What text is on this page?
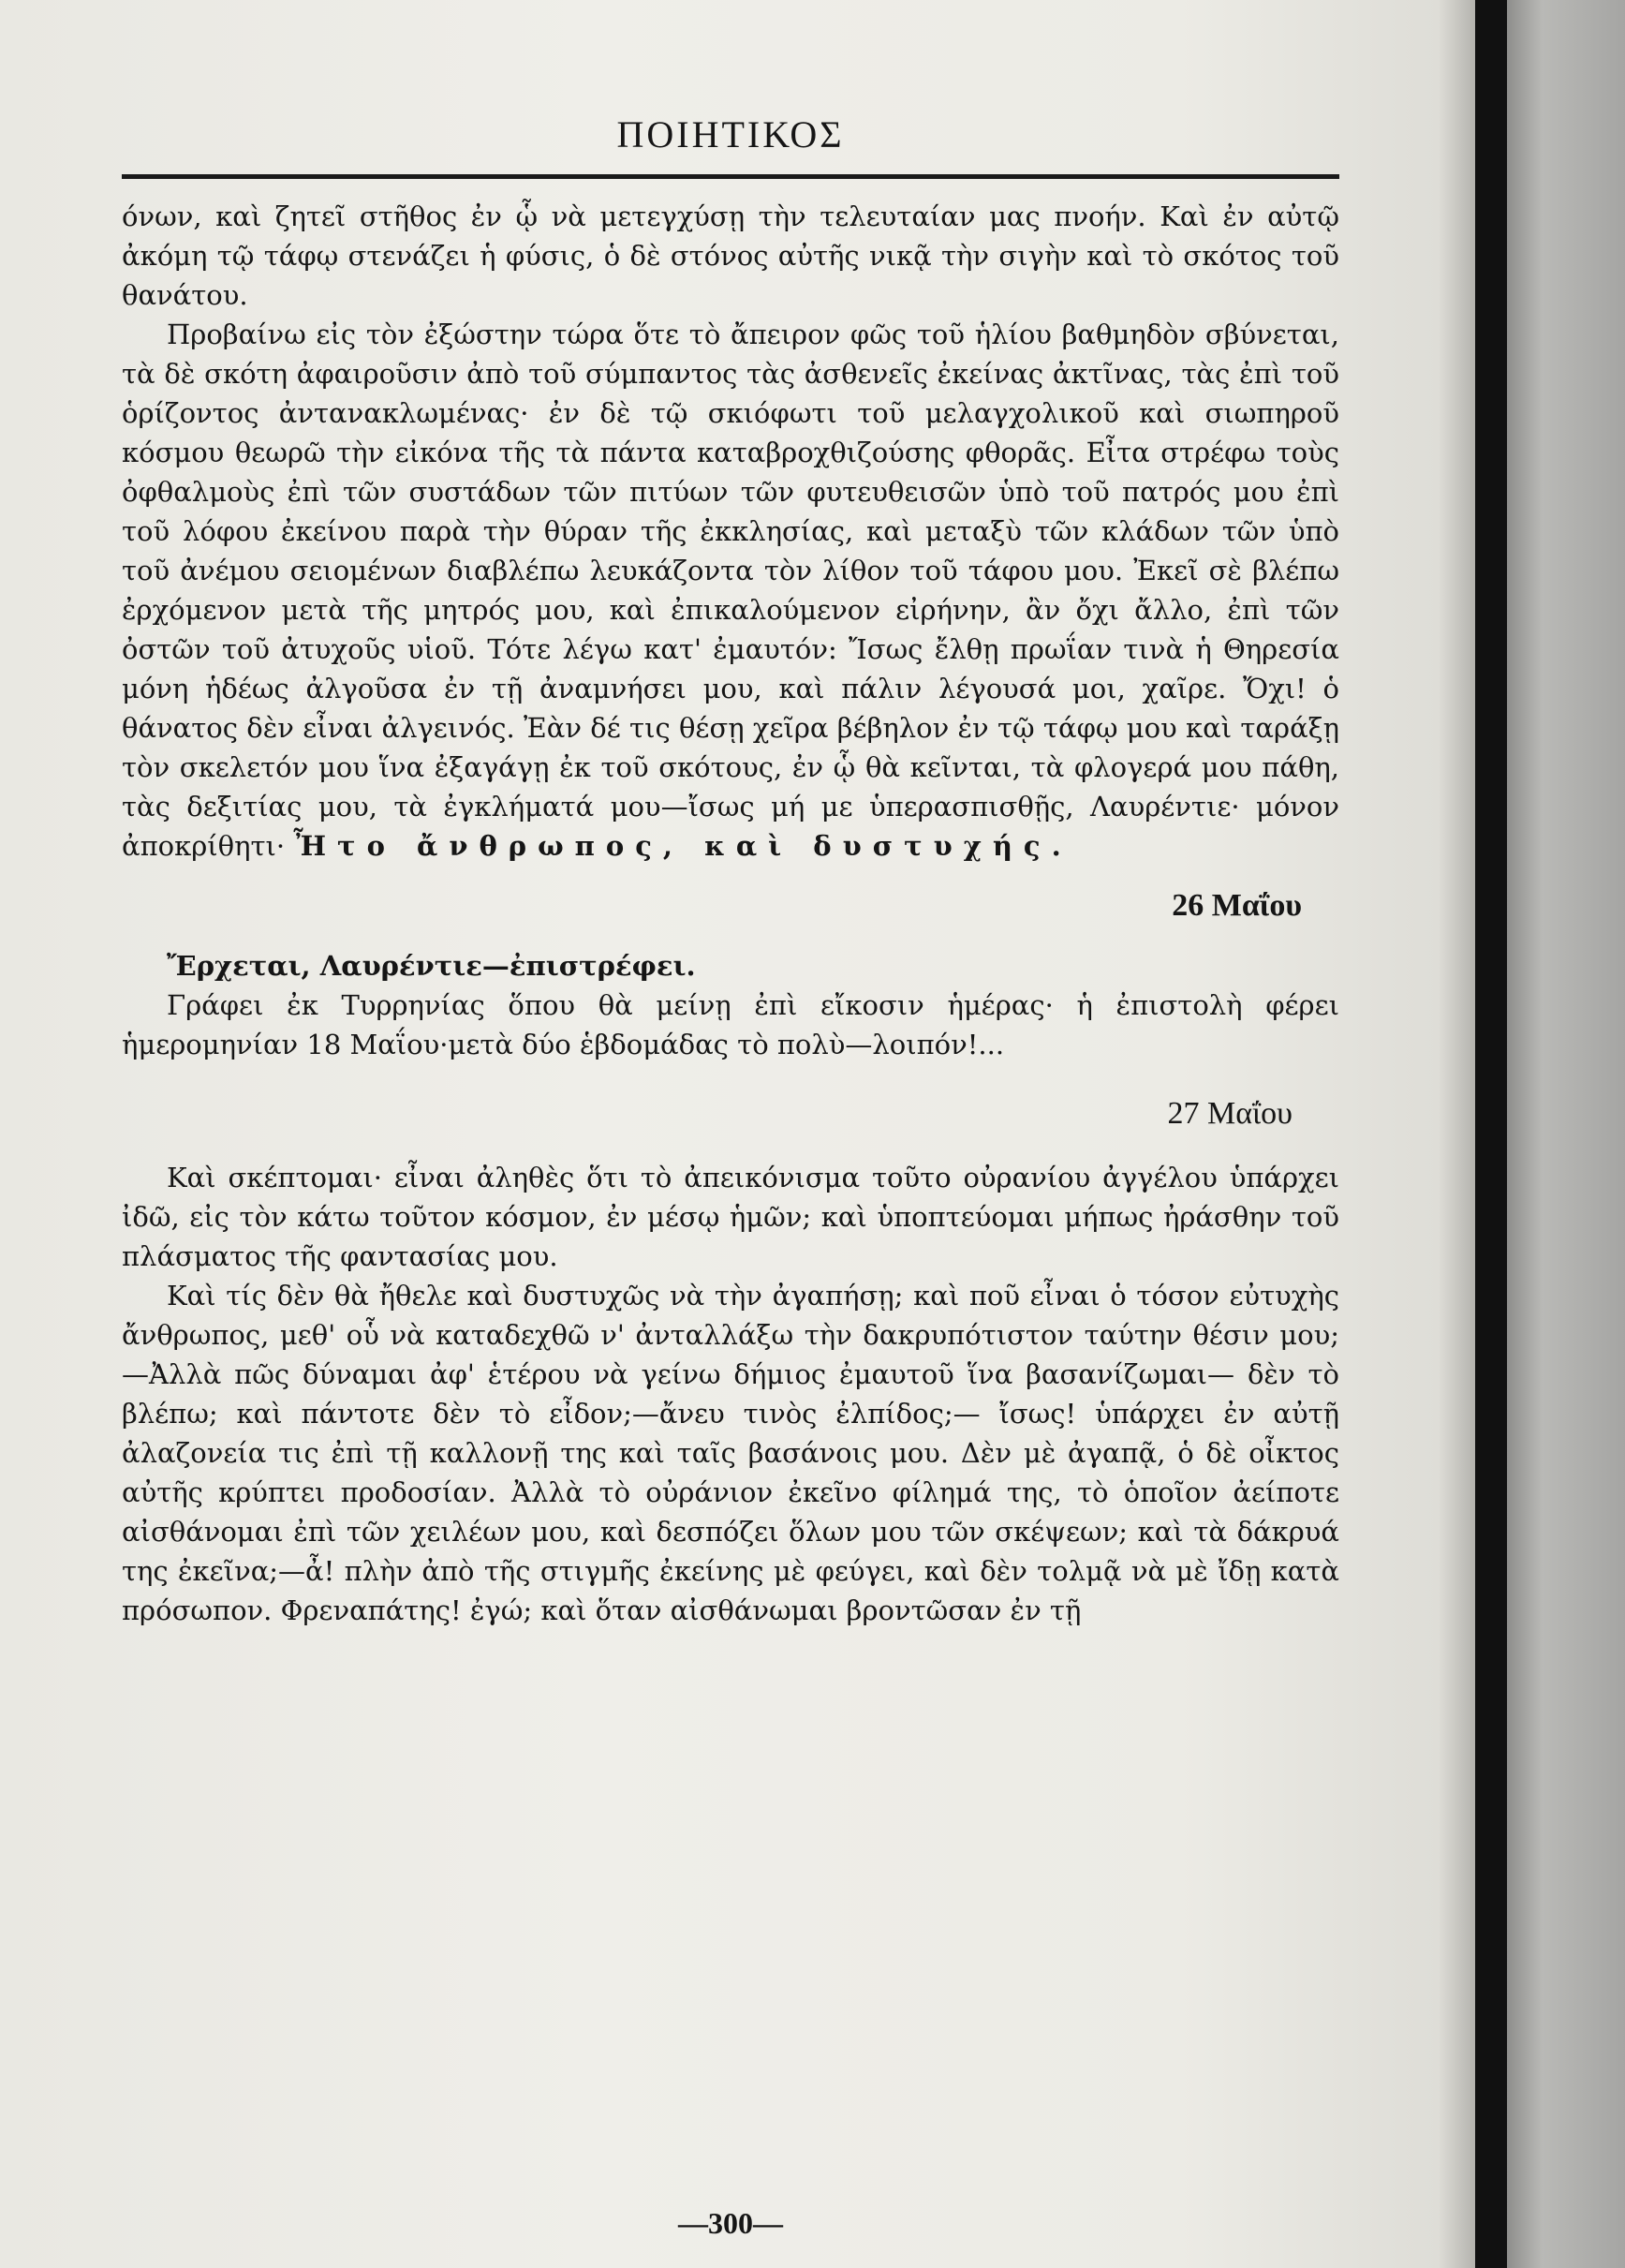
ΠΟΙΗΤΙΚΟΣ

όνων, καὶ ζητεῖ στῆθος ἐν ᾧ νὰ μετεγχύσῃ τὴν τελευταίαν μας πνοήν. Καὶ ἐν αὐτῷ ἀκόμη τῷ τάφῳ στενάζει ἡ φύσις, ὁ δὲ στόνος αὐτῆς νικᾷ τὴν σιγὴν καὶ τὸ σκότος τοῦ θανάτου.

Προβαίνω εἰς τὸν ἐξώστην τώρα ὅτε τὸ ἄπειρον φῶς τοῦ ἡλίου βαθμηδὸν σβύνεται, τὰ δὲ σκότη ἀφαιροῦσιν ἀπὸ τοῦ σύμπαντος τὰς ἀσθενεῖς ἐκείνας ἀκτῖνας, τὰς ἐπὶ τοῦ ὁρίζοντος ἀντανακλωμένας· ἐν δὲ τῷ σκιόφωτι τοῦ μελαγχολικοῦ καὶ σιωπηροῦ κόσμου θεωρῶ τὴν εἰκόνα τῆς τὰ πάντα καταβροχθιζούσης φθορᾶς. Εἶτα στρέφω τοὺς ὀφθαλμοὺς ἐπὶ τῶν συστάδων τῶν πιτύων τῶν φυτευθεισῶν ὑπὸ τοῦ πατρός μου ἐπὶ τοῦ λόφου ἐκείνου παρὰ τὴν θύραν τῆς ἐκκλησίας, καὶ μεταξὺ τῶν κλάδων τῶν ὑπὸ τοῦ ἀνέμου σειομένων διαβλέπω λευκάζοντα τὸν λίθον τοῦ τάφου μου. Ἐκεῖ σὲ βλέπω ἐρχόμενον μετὰ τῆς μητρός μου, καὶ ἐπικαλούμενον εἰρήνην, ἂν ὄχι ἄλλο, ἐπὶ τῶν ὀστῶν τοῦ ἀτυχοῦς υἱοῦ. Τότε λέγω κατ' ἐμαυτόν: Ἴσως ἔλθῃ πρωΐαν τινὰ ἡ Θηρεσία μόνη ἡδέως ἀλγοῦσα ἐν τῇ ἀναμνήσει μου, καὶ πάλιν λέγουσά μοι, χαῖρε. Ὄχι! ὁ θάνατος δὲν εἶναι ἀλγεινός. Ἐὰν δέ τις θέσῃ χεῖρα βέβηλον ἐν τῷ τάφῳ μου καὶ ταράξῃ τὸν σκελετόν μου ἵνα ἐξαγάγῃ ἐκ τοῦ σκότους, ἐν ᾧ θὰ κεῖνται, τὰ φλογερά μου πάθη, τὰς δεξιτίας μου, τὰ ἐγκλήματά μου—ἴσως μή με ὑπερασπισθῇς, Λαυρέντιε· μόνον ἀποκρίθητι· Ἦτο ἄνθρωπος, καὶ δυστυχής.

26 Μαΐου

Ἔρχεται, Λαυρέντιε—ἐπιστρέφει.

Γράφει ἐκ Τυρρηνίας ὅπου θὰ μείνῃ ἐπὶ εἴκοσιν ἡμέρας· ἡ ἐπιστολὴ φέρει ἡμερομηνίαν 18 Μαΐου·μετὰ δύο ἑβδομάδας τὸ πολὺ—λοιπόν!...

27 Μαΐου

Καὶ σκέπτομαι· εἶναι ἀληθὲς ὅτι τὸ ἀπεικόνισμα τοῦτο οὐρανίου ἀγγέλου ὑπάρχει ἰδῶ, εἰς τὸν κάτω τοῦτον κόσμον, ἐν μέσῳ ἡμῶν; καὶ ὑποπτεύομαι μήπως ἠράσθην τοῦ πλάσματος τῆς φαντασίας μου.

Καὶ τίς δὲν θὰ ἤθελε καὶ δυστυχῶς νὰ τὴν ἀγαπήσῃ; καὶ ποῦ εἶναι ὁ τόσον εὐτυχὴς ἄνθρωπος, μεθ' οὗ νὰ καταδεχθῶ ν' ἀνταλλάξω τὴν δακρυπότιστον ταύτην θέσιν μου;—Ἀλλὰ πῶς δύναμαι ἀφ' ἑτέρου νὰ γείνω δήμιος ἐμαυτοῦ ἵνα βασανίζωμαι— δὲν τὸ βλέπω; καὶ πάντοτε δὲν τὸ εἶδον;—ἄνευ τινὸς ἐλπίδος;— ἴσως! ὑπάρχει ἐν αὐτῇ ἀλαζονεία τις ἐπὶ τῇ καλλονῇ της καὶ ταῖς βασάνοις μου. Δὲν μὲ ἀγαπᾷ, ὁ δὲ οἶκτος αὐτῆς κρύπτει προδοσίαν. Ἀλλὰ τὸ οὐράνιον ἐκεῖνο φίλημά της, τὸ ὁποῖον ἀείποτε αἰσθάνομαι ἐπὶ τῶν χειλέων μου, καὶ δεσπόζει ὅλων μου τῶν σκέψεων; καὶ τὰ δάκρυά της ἐκεῖνα;—ἆ! πλὴν ἀπὸ τῆς στιγμῆς ἐκείνης μὲ φεύγει, καὶ δὲν τολμᾷ νὰ μὲ ἴδῃ κατὰ πρόσωπον. Φρεναπάτης! ἐγώ; καὶ ὅταν αἰσθάνωμαι βροντῶσαν ἐν τῇ

—300—
